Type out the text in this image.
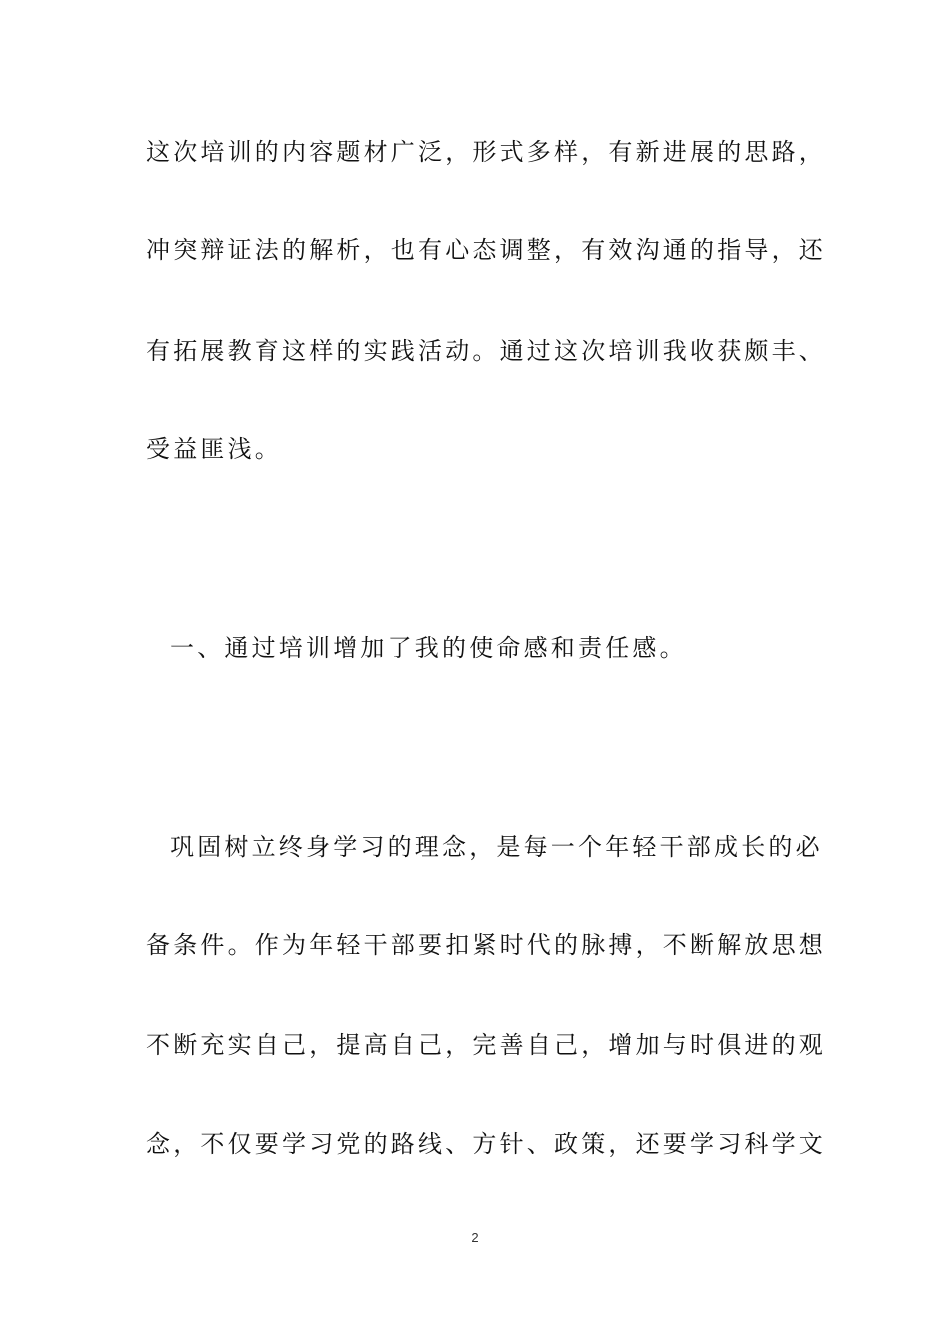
这次培训的内容题材广泛，形式多样，有新进展的思路，
冲突辩证法的解析，也有心态调整，有效沟通的指导，还
有拓展教育这样的实践活动。通过这次培训我收获颇丰、
受益匪浅。
一、通过培训增加了我的使命感和责任感。
巩固树立终身学习的理念，是每一个年轻干部成长的必
备条件。作为年轻干部要扣紧时代的脉搏，不断解放思想
不断充实自己，提高自己，完善自己，增加与时俱进的观
念，不仅要学习党的路线、方针、政策，还要学习科学文
2
